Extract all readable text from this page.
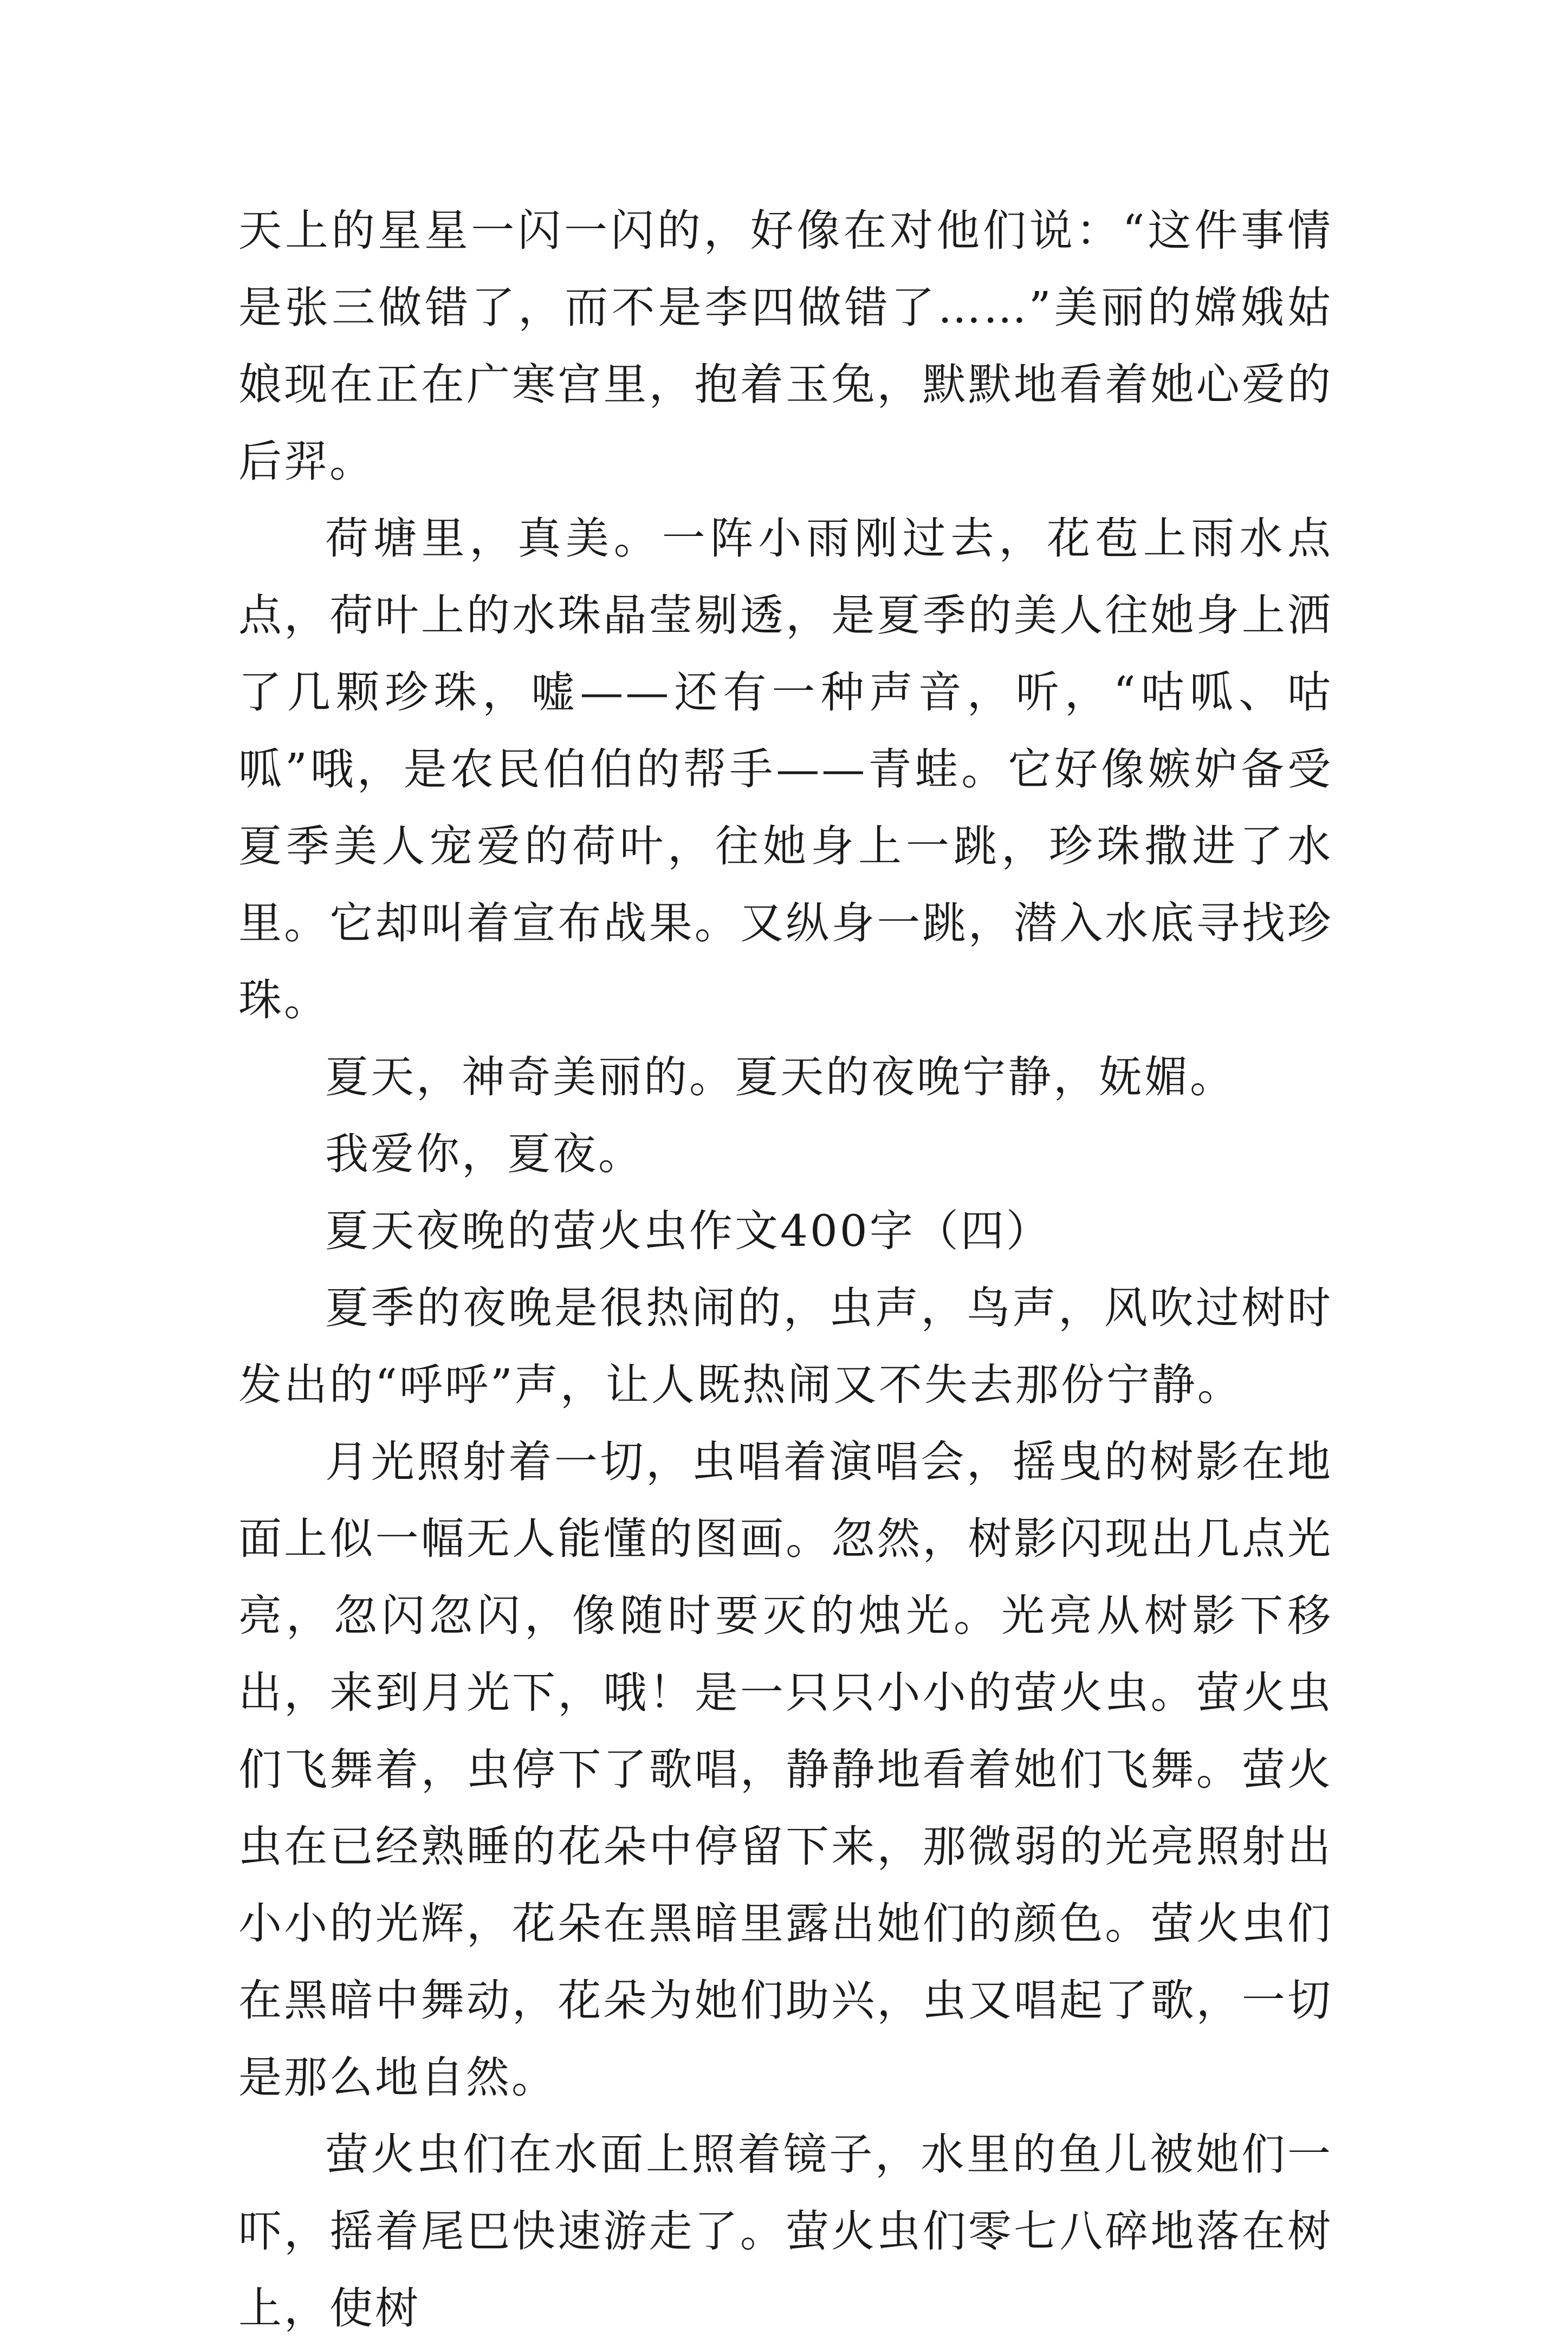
天上的星星一闪一闪的，好像在对他们说：“这件事情是张三做错了，而不是李四做错了……”美丽的嫦娥姑娘现在正在广寒宫里，抱着玉兔，默默地看着她心爱的后羿。

荷塘里，真美。一阵小雨刚过去，花苞上雨水点点，荷叶上的水珠晶莹剔透，是夏季的美人往她身上洒了几颗珍珠，嘘——还有一种声音，听，“咕呱、咕呱”哦，是农民伯伯的帮手——青蛙。它好像嫉妒备受夏季美人宠爱的荷叶，往她身上一跳，珍珠撒进了水里。它却叫着宣布战果。又纵身一跳，潜入水底寻找珍珠。

夏天，神奇美丽的。夏天的夜晚宁静，妩媚。

我爱你，夏夜。

夏天夜晚的萤火虫作文400字（四）

夏季的夜晚是很热闹的，虫声，鸟声，风吹过树时发出的“呼呼”声，让人既热闹又不失去那份宁静。

月光照射着一切，虫唱着演唱会，摇曳的树影在地面上似一幅无人能懂的图画。忽然，树影闪现出几点光亮，忽闪忽闪，像随时要灭的烛光。光亮从树影下移出，来到月光下，哦！是一只只小小的萤火虫。萤火虫们飞舞着，虫停下了歌唱，静静地看着她们飞舞。萤火虫在已经熟睡的花朵中停留下来，那微弱的光亮照射出小小的光辉，花朵在黑暗里露出她们的颜色。萤火虫们在黑暗中舞动，花朵为她们助兴，虫又唱起了歌，一切是那么地自然。

萤火虫们在水面上照着镜子，水里的鱼儿被她们一吓，摇着尾巴快速游走了。萤火虫们零七八碎地落在树上，使树
